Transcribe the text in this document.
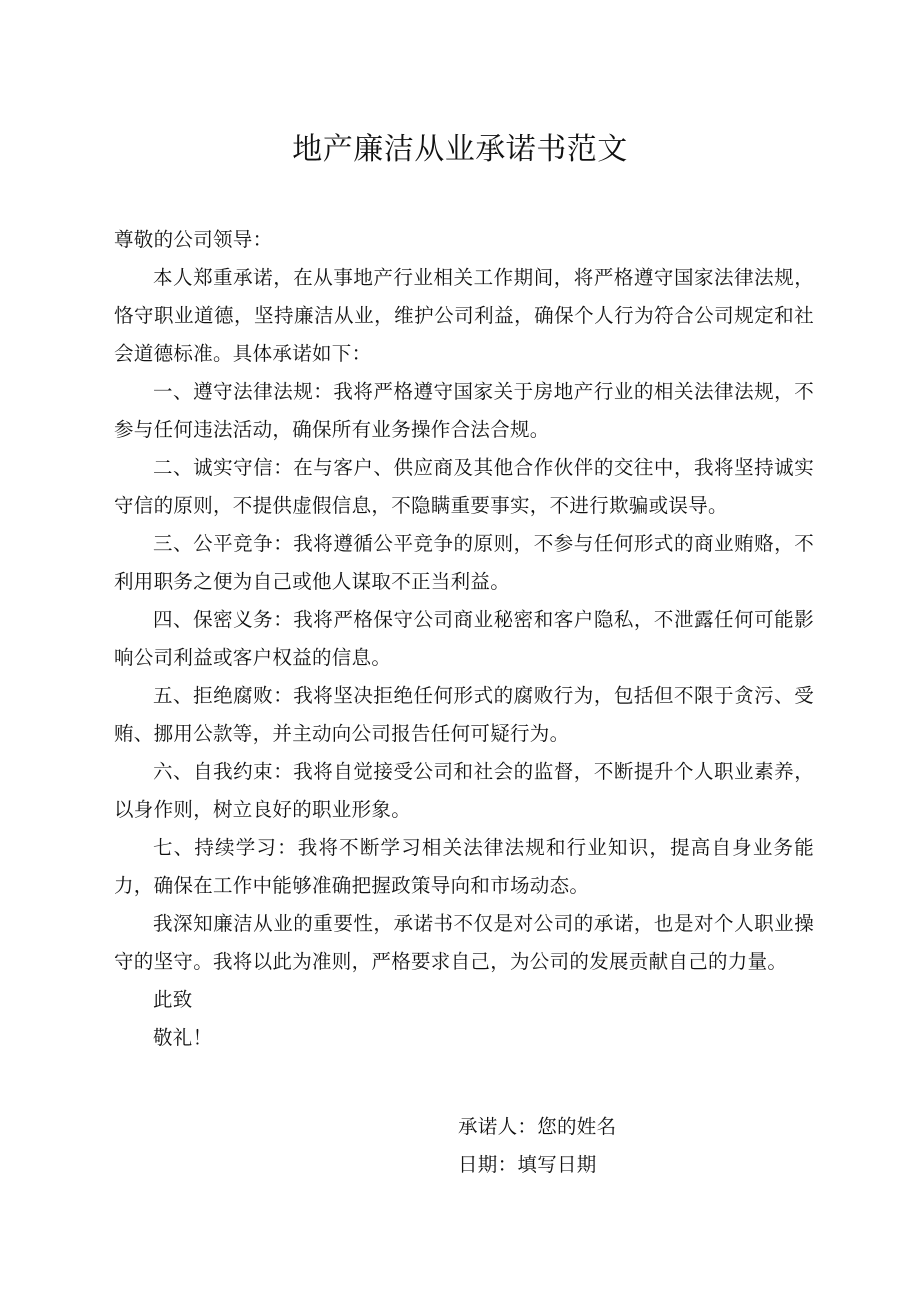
地产廉洁从业承诺书范文

尊敬的公司领导：

本人郑重承诺，在从事地产行业相关工作期间，将严格遵守国家法律法规，恪守职业道德，坚持廉洁从业，维护公司利益，确保个人行为符合公司规定和社会道德标准。具体承诺如下：

一、遵守法律法规：我将严格遵守国家关于房地产行业的相关法律法规，不参与任何违法活动，确保所有业务操作合法合规。

二、诚实守信：在与客户、供应商及其他合作伙伴的交往中，我将坚持诚实守信的原则，不提供虚假信息，不隐瞒重要事实，不进行欺骗或误导。

三、公平竞争：我将遵循公平竞争的原则，不参与任何形式的商业贿赂，不利用职务之便为自己或他人谋取不正当利益。

四、保密义务：我将严格保守公司商业秘密和客户隐私，不泄露任何可能影响公司利益或客户权益的信息。

五、拒绝腐败：我将坚决拒绝任何形式的腐败行为，包括但不限于贪污、受贿、挪用公款等，并主动向公司报告任何可疑行为。

六、自我约束：我将自觉接受公司和社会的监督，不断提升个人职业素养，以身作则，树立良好的职业形象。

七、持续学习：我将不断学习相关法律法规和行业知识，提高自身业务能力，确保在工作中能够准确把握政策导向和市场动态。

我深知廉洁从业的重要性，承诺书不仅是对公司的承诺，也是对个人职业操守的坚守。我将以此为准则，严格要求自己，为公司的发展贡献自己的力量。

此致

敬礼！

承诺人：您的姓名
日期：填写日期
